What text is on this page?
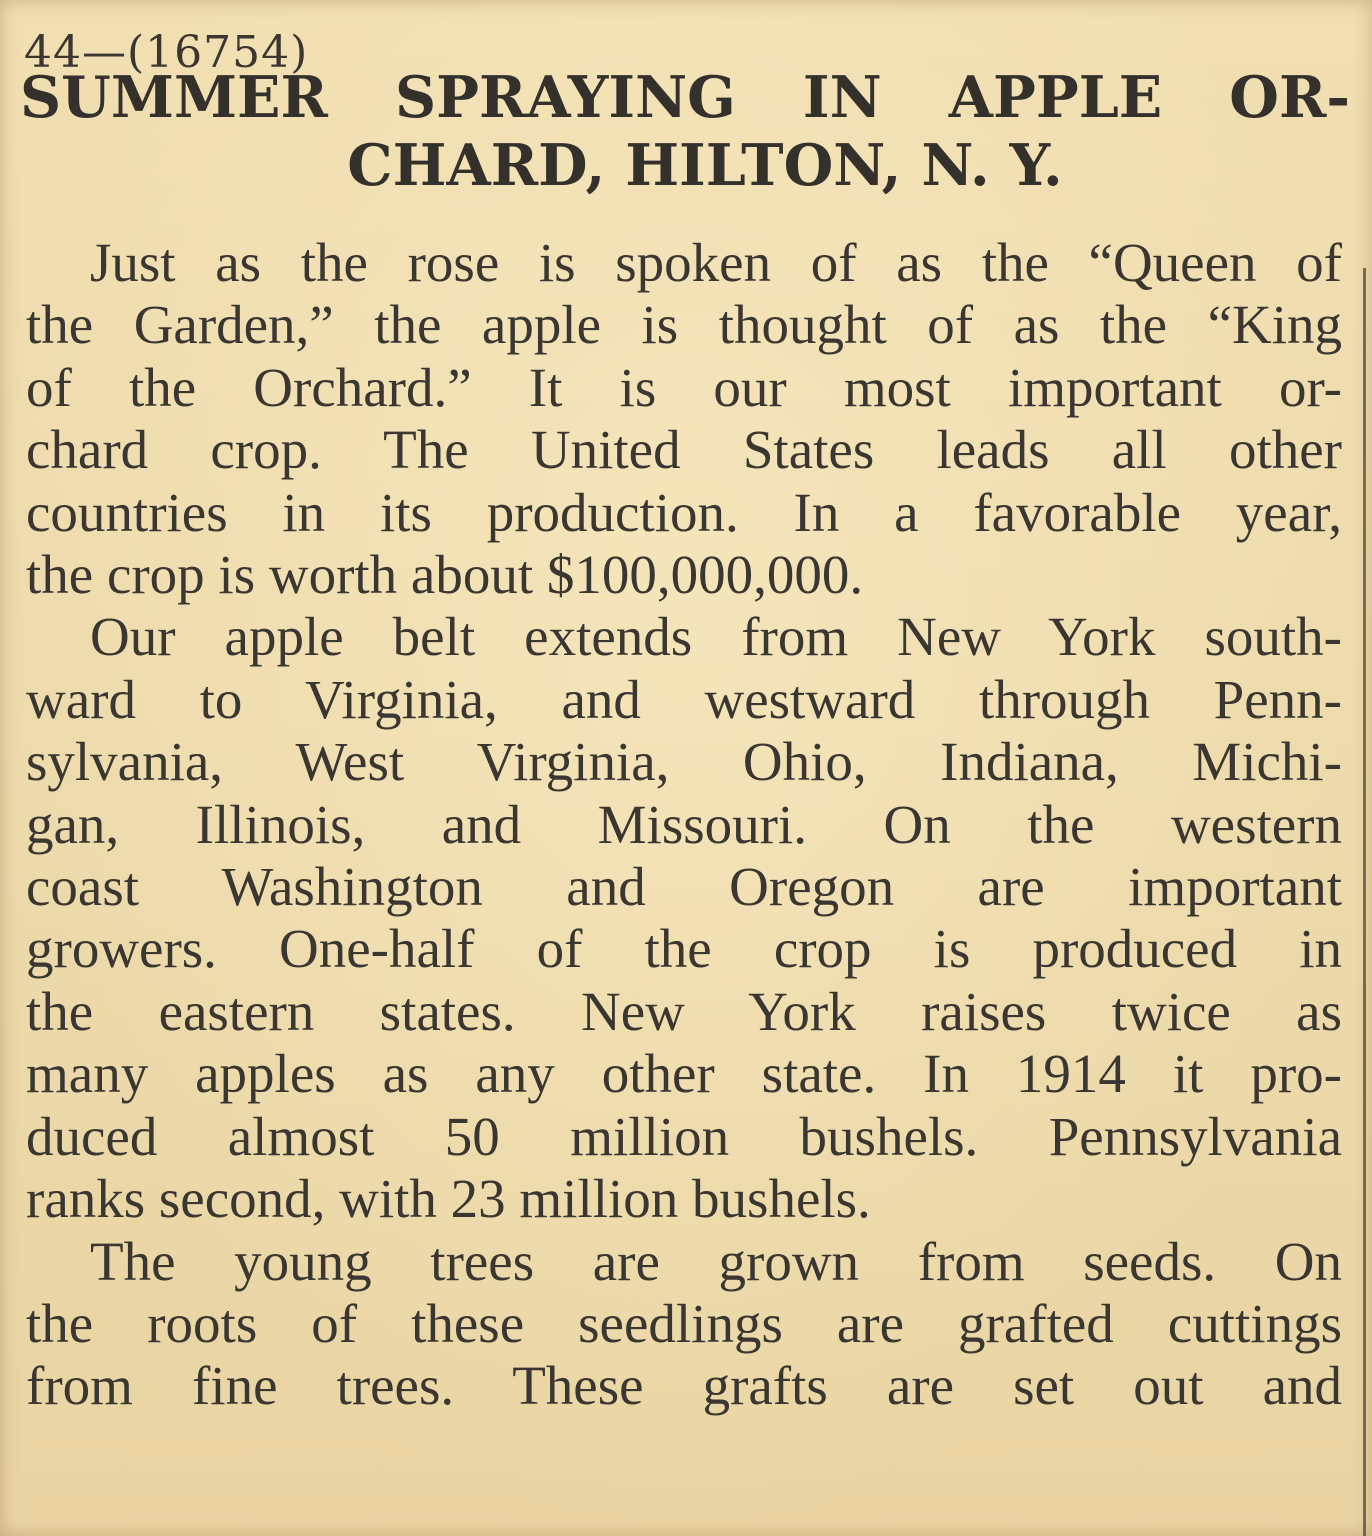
44—(16754)
SUMMER SPRAYING IN APPLE OR-
CHARD, HILTON, N. Y.
Just as the rose is spoken of as the “Queen of
the Garden,” the apple is thought of as the “King
of the Orchard.” It is our most important or-
chard crop. The United States leads all other
countries in its production. In a favorable year,
the crop is worth about $100,000,000.
Our apple belt extends from New York south-
ward to Virginia, and westward through Penn-
sylvania, West Virginia, Ohio, Indiana, Michi-
gan, Illinois, and Missouri. On the western
coast Washington and Oregon are important
growers. One-half of the crop is produced in
the eastern states. New York raises twice as
many apples as any other state. In 1914 it pro-
duced almost 50 million bushels. Pennsylvania
ranks second, with 23 million bushels.
The young trees are grown from seeds. On
the roots of these seedlings are grafted cuttings
from fine trees. These grafts are set out and
